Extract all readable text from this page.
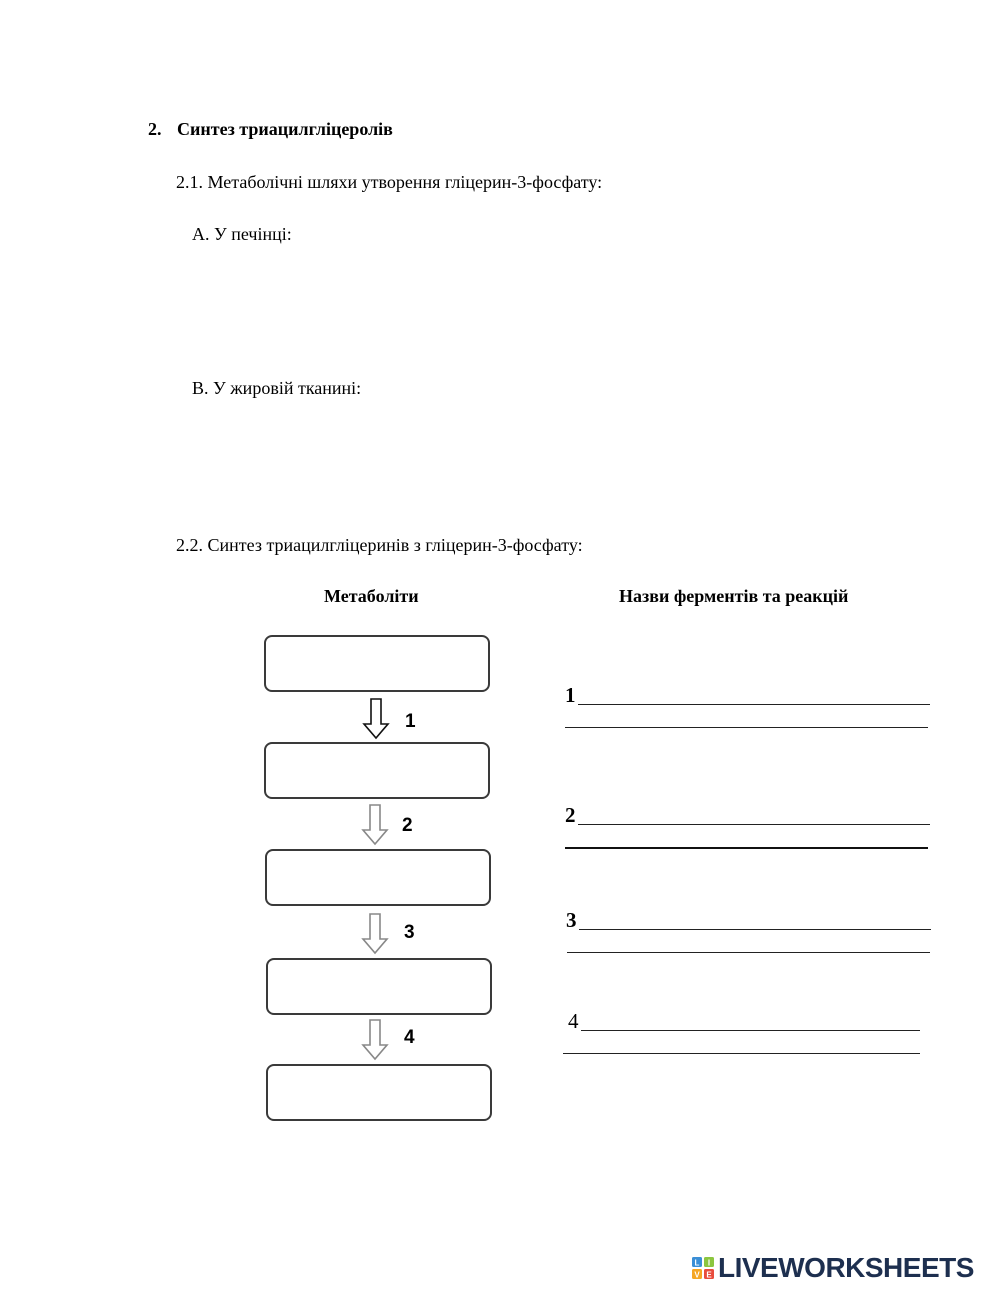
2. Синтез триацилгліцеролів
2.1. Метаболічні шляхи утворення гліцерин-3-фосфату:
A. У печінці:
B. У жировій тканині:
2.2. Синтез триацилгліцеринів з гліцерин-3-фосфату:
Метаболіти	Назви ферментів та реакцій
1
2
3
4
1
2
3
4
L I
V E LIVEWORKSHEETS
